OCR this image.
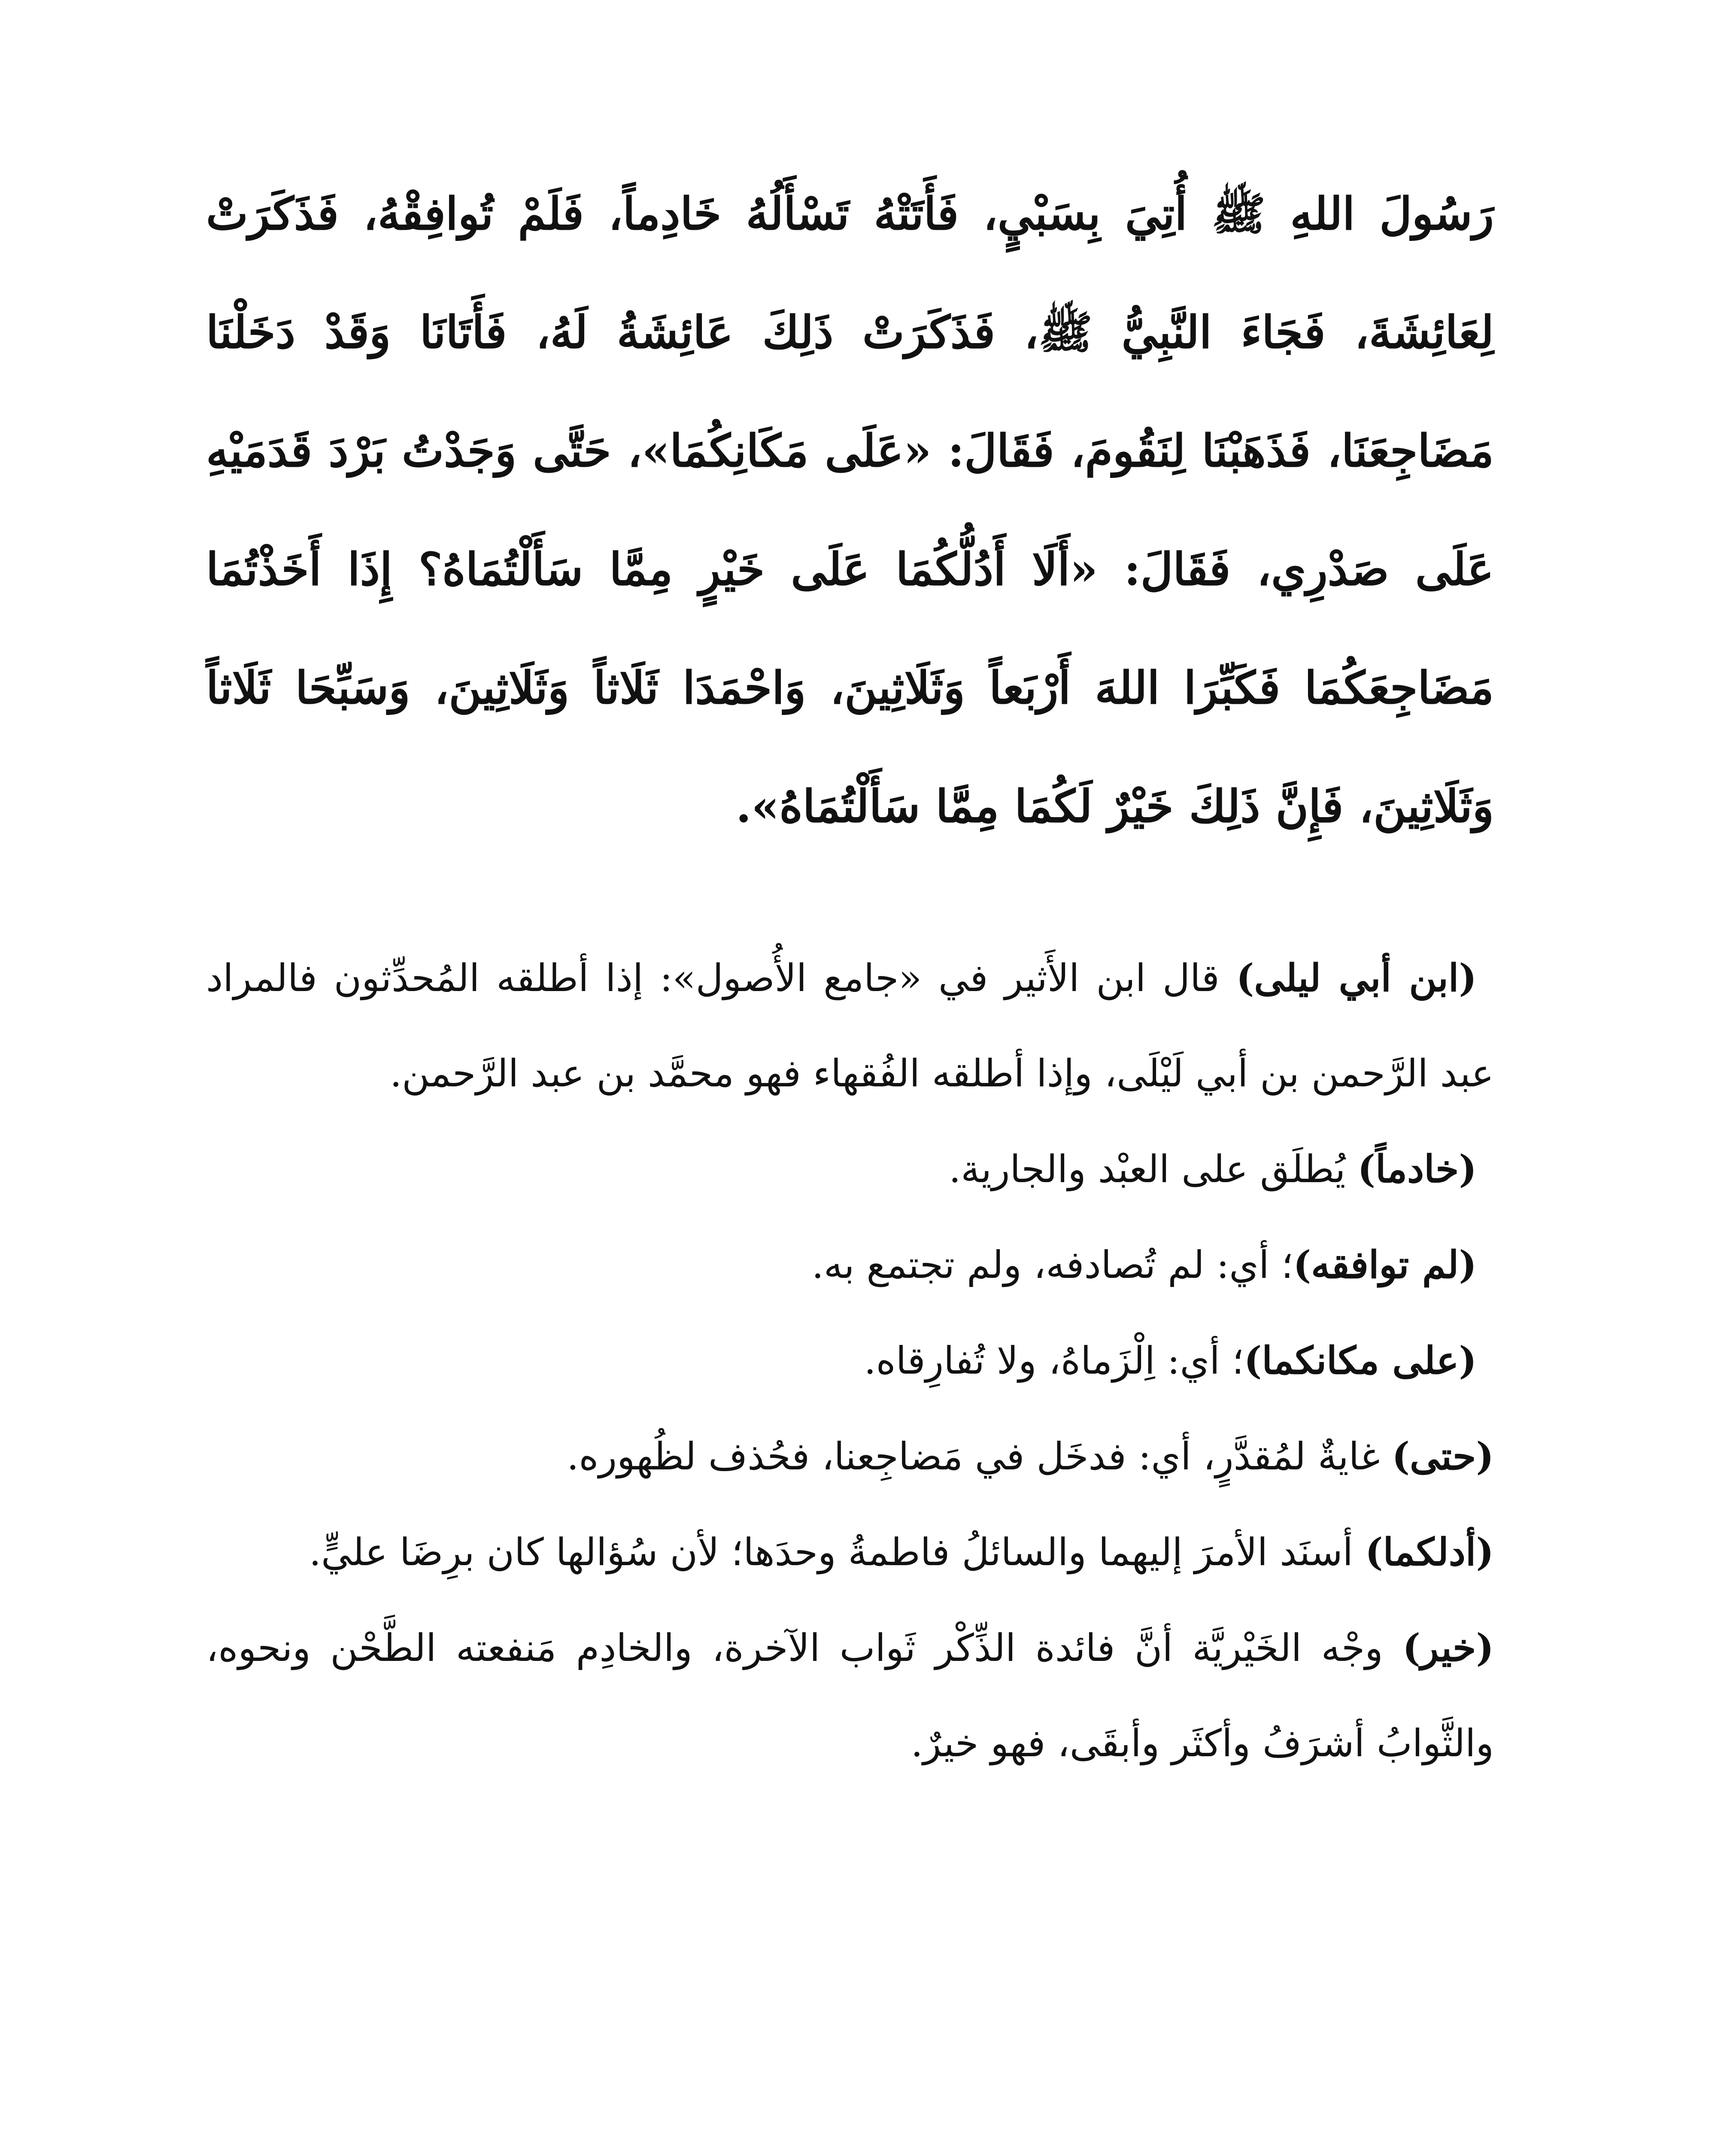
رَسُولَ اللهِ ﷺ أُتِيَ بِسَبْيٍ، فَأَتَتْهُ تَسْأَلُهُ خَادِماً، فَلَمْ تُوافِقْهُ، فَذَكَرَتْ لِعَائِشَةَ، فَجَاءَ النَّبِيُّ ﷺ، فَذَكَرَتْ ذَلِكَ عَائِشَةُ لَهُ، فَأَتَانَا وَقَدْ دَخَلْنَا مَضَاجِعَنَا، فَذَهَبْنَا لِنَقُومَ، فَقَالَ: «عَلَى مَكَانِكُمَا»، حَتَّى وَجَدْتُ بَرْدَ قَدَمَيْهِ عَلَى صَدْرِي، فَقَالَ: «أَلَا أَدُلُّكُمَا عَلَى خَيْرٍ مِمَّا سَأَلْتُمَاهُ؟ إِذَا أَخَذْتُمَا مَضَاجِعَكُمَا فَكَبِّرَا اللهَ أَرْبَعاً وَثَلَاثِينَ، وَاحْمَدَا ثَلَاثاً وَثَلَاثِينَ، وَسَبِّحَا ثَلَاثاً وَثَلَاثِينَ، فَإِنَّ ذَلِكَ خَيْرٌ لَكُمَا مِمَّا سَأَلْتُمَاهُ».

(ابن أبي ليلى) قال ابن الأَثير في «جامع الأُصول»: إذا أطلقه المُحدِّثون فالمراد عبد الرَّحمن بن أبي لَيْلَى، وإذا أطلقه الفُقهاء فهو محمَّد بن عبد الرَّحمن.

(خادماً) يُطلَق على العبْد والجارية.

(لم توافقه)؛ أي: لم تُصادفه، ولم تجتمع به.

(على مكانكما)؛ أي: اِلْزَماهُ، ولا تُفارِقاه.

(حتى) غايةٌ لمُقدَّرٍ، أي: فدخَل في مَضاجِعنا، فحُذف لظُهوره.

(أدلكما) أسنَد الأمرَ إليهما والسائلُ فاطمةُ وحدَها؛ لأن سُؤالها كان برِضَا عليٍّ.

(خير) وجْه الخَيْريَّة أنَّ فائدة الذِّكْر ثَواب الآخرة، والخادِم مَنفعته الطَّحْن ونحوه، والثَّوابُ أشرَفُ وأكثَر وأبقَى، فهو خيرٌ.
